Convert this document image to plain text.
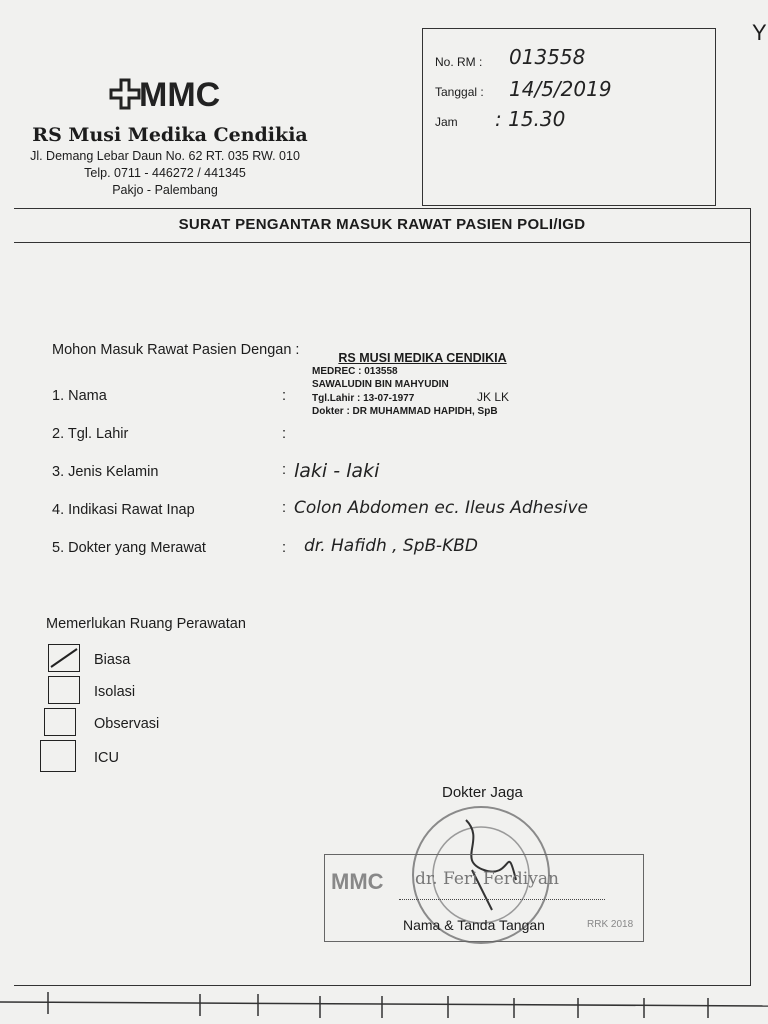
MMC
RS Musi Medika Cendikia
Jl. Demang Lebar Daun No. 62 RT. 035 RW. 010
Telp. 0711 - 446272 / 441345
Pakjo - Palembang
No. RM : 013558
Tanggal : 14/5/2019
Jam : 15.30
Y
SURAT PENGANTAR MASUK RAWAT PASIEN POLI/IGD
Mohon Masuk Rawat Pasien Dengan :	RS MUSI MEDIKA CENDIKIA
MEDREC : 013558
SAWALUDIN BIN MAHYUDIN
Tgl.Lahir : 13-07-1977	JK LK
Dokter : DR MUHAMMAD HAPIDH, SpB
1. Nama	:
2. Tgl. Lahir	:
3. Jenis Kelamin	: laki - laki
4. Indikasi Rawat Inap	: Colon Abdomen ec. Ileus Adhesive
5. Dokter yang Merawat	: dr. Hafidh , SpB-KBD
Memerlukan Ruang Perawatan
Biasa
Isolasi
Observasi
ICU
Dokter Jaga
MMC dr. Feri Ferdiyan
Nama & Tanda Tangan	RRK 2018
